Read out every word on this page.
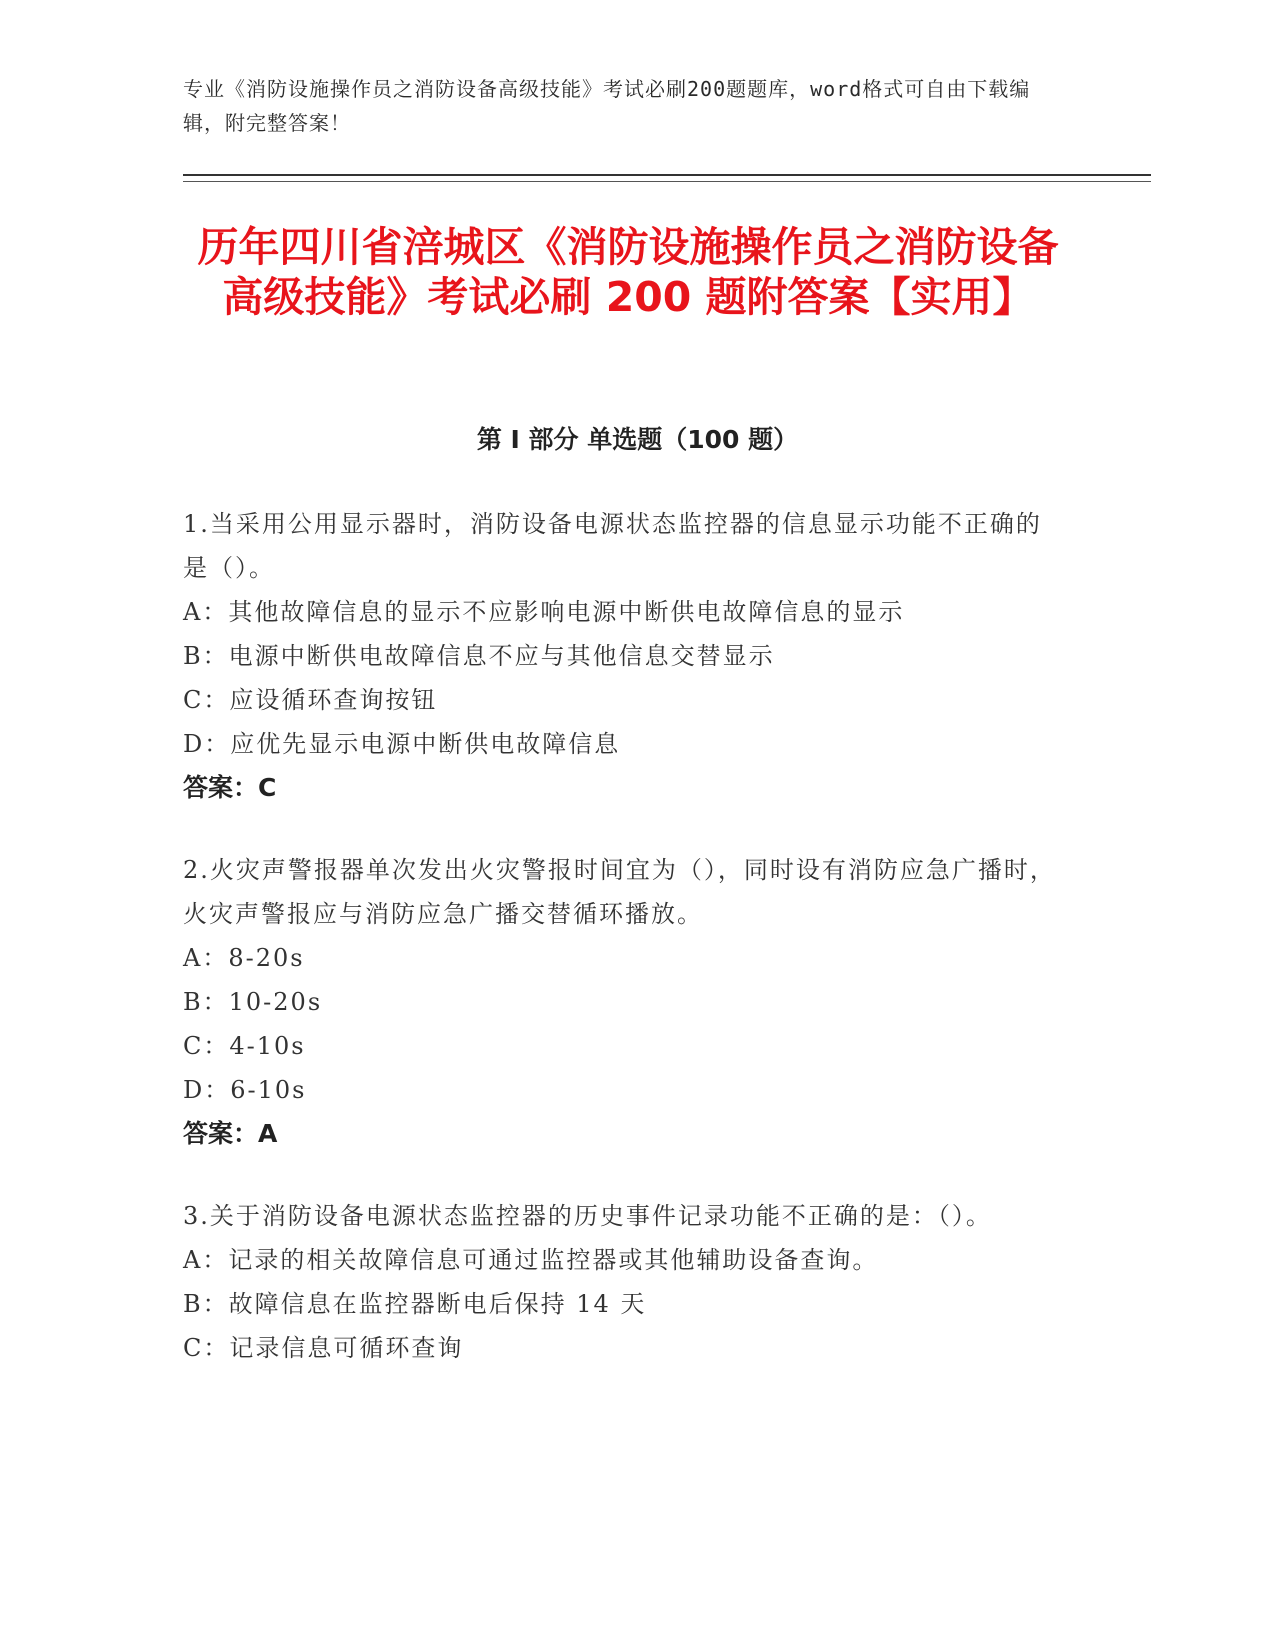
专业《消防设施操作员之消防设备高级技能》考试必刷200题题库，word格式可自由下载编辑，附完整答案！
历年四川省涪城区《消防设施操作员之消防设备高级技能》考试必刷 200 题附答案【实用】
第 I 部分 单选题（100 题）
1.当采用公用显示器时，消防设备电源状态监控器的信息显示功能不正确的是（）。
A：其他故障信息的显示不应影响电源中断供电故障信息的显示
B：电源中断供电故障信息不应与其他信息交替显示
C：应设循环查询按钮
D：应优先显示电源中断供电故障信息
答案：C
2.火灾声警报器单次发出火灾警报时间宜为（），同时设有消防应急广播时，火灾声警报应与消防应急广播交替循环播放。
A：8-20s
B：10-20s
C：4-10s
D：6-10s
答案：A
3.关于消防设备电源状态监控器的历史事件记录功能不正确的是：（）。
A：记录的相关故障信息可通过监控器或其他辅助设备查询。
B：故障信息在监控器断电后保持 14 天
C：记录信息可循环查询
